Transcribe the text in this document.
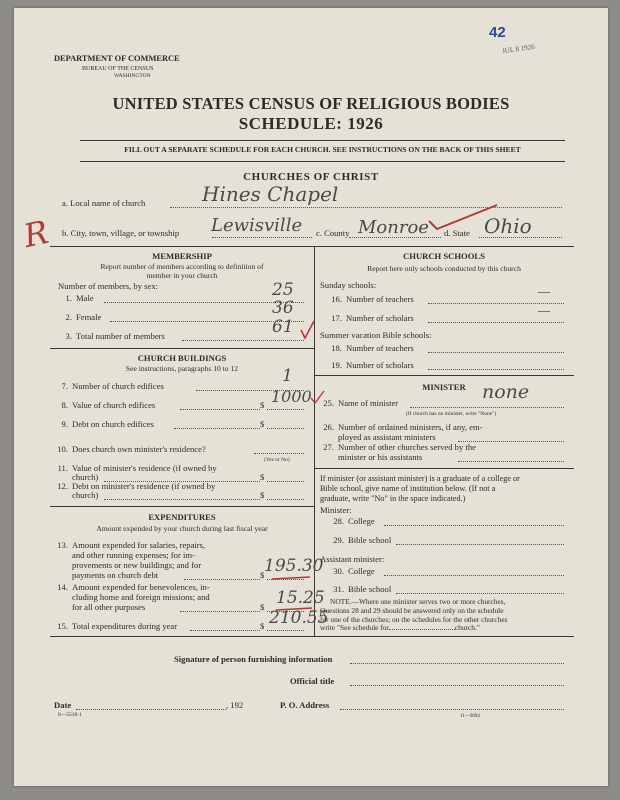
42
JUL 8 1926
DEPARTMENT OF COMMERCE
BUREAU OF THE CENSUS
WASHINGTON
UNITED STATES CENSUS OF RELIGIOUS BODIES
SCHEDULE: 1926
FILL OUT A SEPARATE SCHEDULE FOR EACH CHURCH. SEE INSTRUCTIONS ON THE BACK OF THIS SHEET
CHURCHES OF CHRIST
a. Local name of church	Hines Chapel
b. City, town, village, or township Lewisville c. County Monroe d. State Ohio
R
MEMBERSHIP
Report number of members according to definition of
member in your church
Number of members, by sex:
1. Male	25
2. Female	36
3. Total number of members	61
CHURCH BUILDINGS
See instructions, paragraphs 10 to 12
7. Number of church edifices	1
8. Value of church edifices	$ 1000
9. Debt on church edifices	$
10. Does church own minister's residence?
(Yes or No)
11. Value of minister's residence (if owned by
church)	$
12. Debt on minister's residence (if owned by
church)	$
EXPENDITURES
Amount expended by your church during last fiscal year
13. Amount expended for salaries, repairs,
and other running expenses; for im-
provements or new buildings; and for
payments on church debt	$ 195.30
14. Amount expended for benevolences, in-
cluding home and foreign missions; and
for all other purposes	$ 15.25
15. Total expenditures during year	$ 210.55
CHURCH SCHOOLS
Report here only schools conducted by this church
Sunday schools:
16. Number of teachers
—
17. Number of scholars
—
Summer vacation Bible schools:
18. Number of teachers
19. Number of scholars
MINISTER
25. Name of minister	none
(If church has no minister, write "None")
26. Number of ordained ministers, if any, em-
ployed as assistant ministers
27. Number of other churches served by the
minister or his assistants
If minister (or assistant minister) is a graduate of a college or
Bible school, give name of institution below. (If not a
graduate, write "No" in the space indicated.)
Minister:
28. College
29. Bible school
Assistant minister:
30. College
31. Bible school
NOTE.—Where one minister serves two or more churches,
Questions 28 and 29 should be answered only on the schedule
for one of the churches; on the schedules for the other churches
write "See schedule for	church."
Signature of person furnishing information
Official title
Date	, 192	P. O. Address
8—5518-1	11—9094
